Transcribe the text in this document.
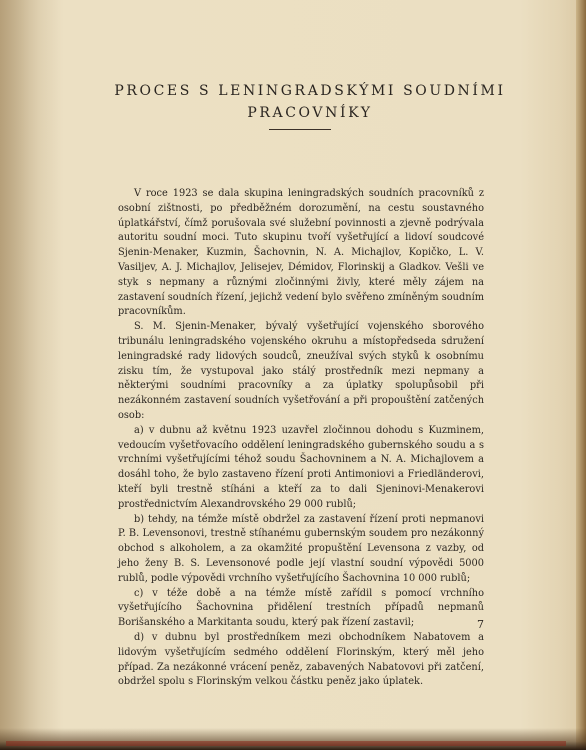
PROCES S LENINGRADSKÝMI SOUDNÍMI
PRACOVNÍKY

V roce 1923 se dala skupina leningradských soudních pracovníků z osobní zištnosti, po předběžném dorozumění, na cestu soustavného úplatkářství, čímž porušovala své služební povinnosti a zjevně podrývala autoritu soudní moci. Tuto skupinu tvoří vyšetřující a lidoví soudcové Sjenin-Menaker, Kuzmin, Šachovnin, N. A. Michajlov, Kopičko, L. V. Vasiljev, A. J. Michajlov, Jelisejev, Démidov, Florinskij a Gladkov. Vešli ve styk s nepmany a různými zločinnými živly, které měly zájem na zastavení soudních řízení, jejichž vedení bylo svěřeno zmíněným soudním pracovníkům.

S. M. Sjenin-Menaker, bývalý vyšetřující vojenského sborového tribunálu leningradského vojenského okruhu a místopředseda sdružení leningradské rady lidových soudců, zneužíval svých styků k osobnímu zisku tím, že vystupoval jako stálý prostředník mezi nepmany a některými soudními pracovníky a za úplatky spolupůsobil při nezákonném zastavení soudních vyšetřování a při propouštění zatčených osob:

a) v dubnu až květnu 1923 uzavřel zločinnou dohodu s Kuzminem, vedoucím vyšetřovacího oddělení leningradského gubernského soudu a s vrchními vyšetřujícími téhož soudu Šachovninem a N. A. Michajlovem a dosáhl toho, že bylo zastaveno řízení proti Antimoniovi a Friedländerovi, kteří byli trestně stíháni a kteří za to dali Sjeninovi-Menakerovi prostřednictvím Alexandrovského 29 000 rublů;

b) tehdy, na témže místě obdržel za zastavení řízení proti nepmanovi P. B. Levensonovi, trestně stíhanému gubernským soudem pro nezákonný obchod s alkoholem, a za okamžité propuštění Levensona z vazby, od jeho ženy B. S. Levensonové podle její vlastní soudní výpovědi 5000 rublů, podle výpovědi vrchního vyšetřujícího Šachovnina 10 000 rublů;

c) v téže době a na témže místě zařídil s pomocí vrchního vyšetřujícího Šachovnina přidělení trestních případů nepmanů Borišanského a Markitanta soudu, který pak řízení zastavil;

d) v dubnu byl prostředníkem mezi obchodníkem Nabatovem a lidovým vyšetřujícím sedmého oddělení Florinským, který měl jeho případ. Za nezákonné vrácení peněz, zabavených Nabatovovi při zatčení, obdržel spolu s Florinským velkou částku peněz jako úplatek.

7
